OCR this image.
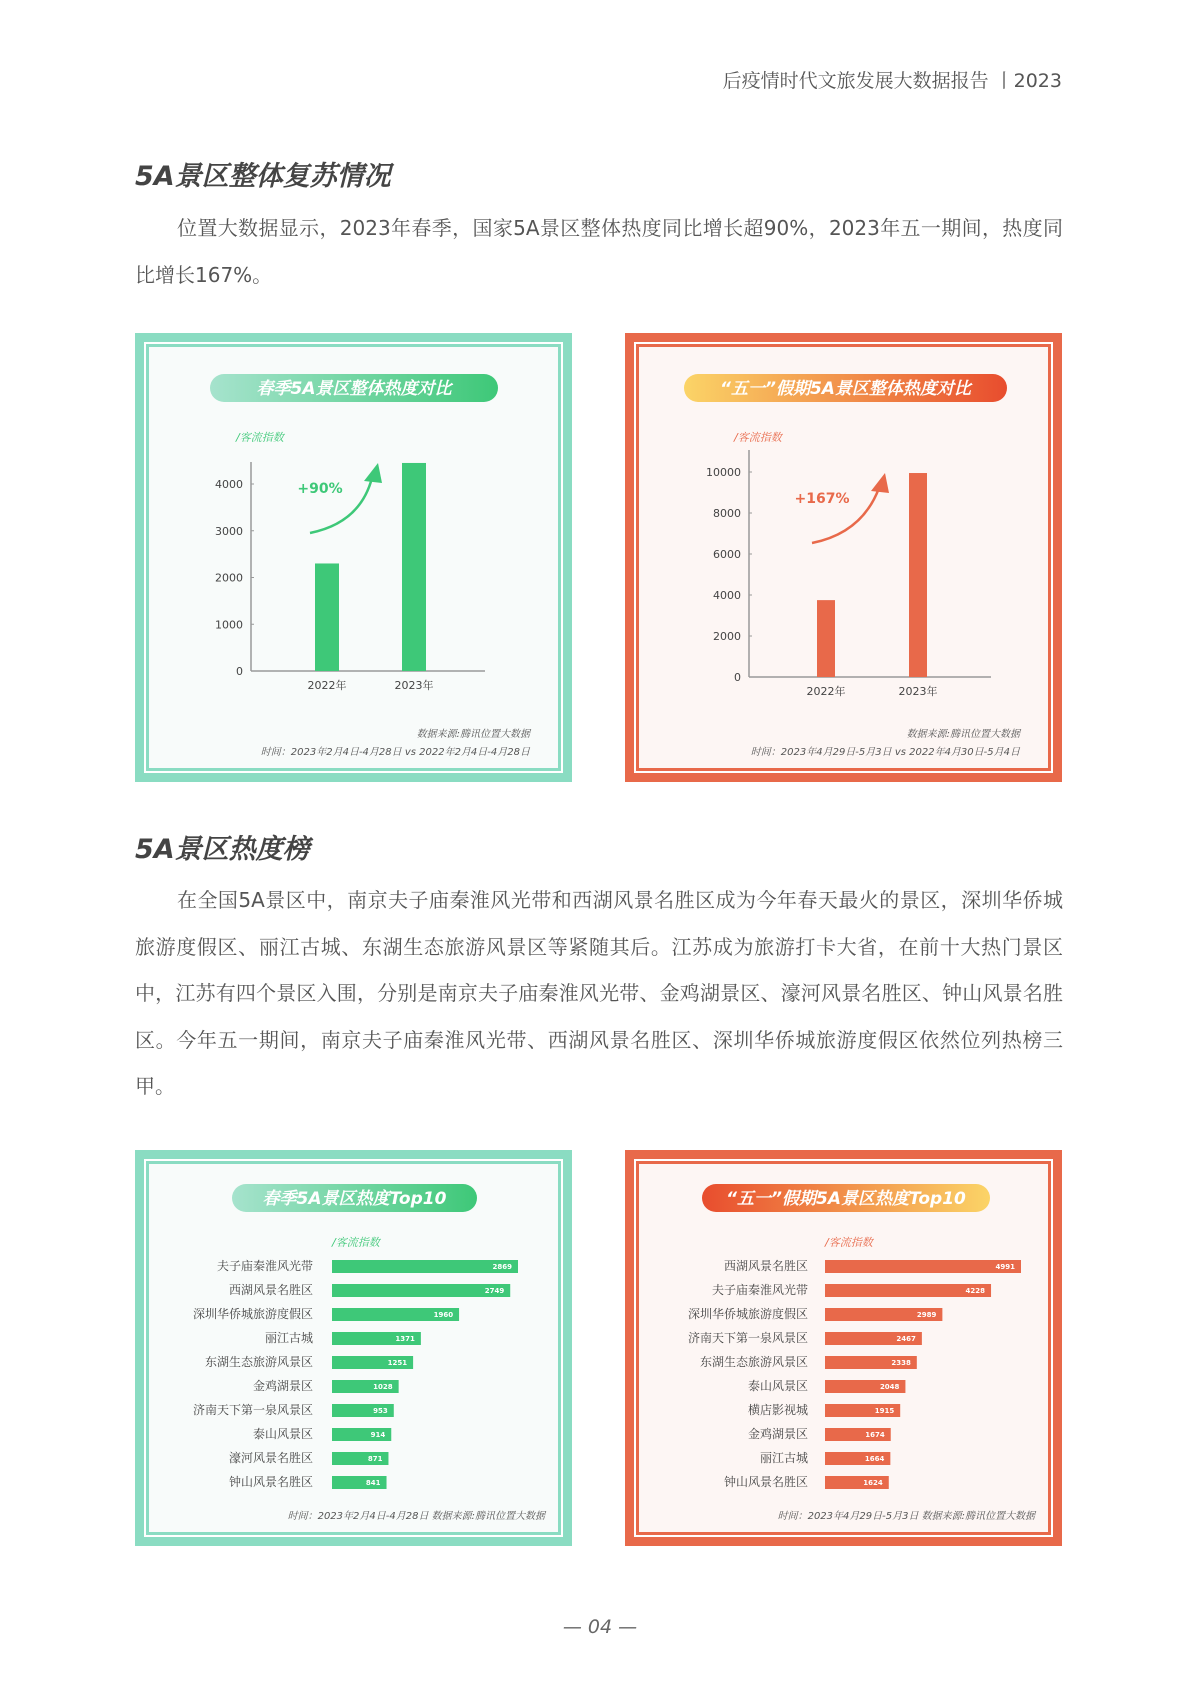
后疫情时代文旅发展大数据报告 丨2023
5A景区整体复苏情况
位置大数据显示，2023年春季，国家5A景区整体热度同比增长超90%，2023年五一期间，热度同比增长167%。
春季5A景区整体热度对比
/客流指数
0
1000
2000
3000
4000
2022年	2023年
+90%
数据来源:腾讯位置大数据
时间：2023年2月4日-4月28日 vs 2022年2月4日-4月28日
“五一”假期5A景区整体热度对比
/客流指数
0
2000
4000
6000
8000
10000
2022年	2023年
+167%
数据来源:腾讯位置大数据
时间：2023年4月29日-5月3日 vs 2022年4月30日-5月4日
5A景区热度榜
在全国5A景区中，南京夫子庙秦淮风光带和西湖风景名胜区成为今年春天最火的景区，深圳华侨城旅游度假区、丽江古城、东湖生态旅游风景区等紧随其后。江苏成为旅游打卡大省，在前十大热门景区中，江苏有四个景区入围，分别是南京夫子庙秦淮风光带、金鸡湖景区、濠河风景名胜区、钟山风景名胜区。今年五一期间，南京夫子庙秦淮风光带、西湖风景名胜区、深圳华侨城旅游度假区依然位列热榜三甲。
春季5A景区热度Top10
/客流指数
夫子庙秦淮风光带	2869
西湖风景名胜区	2749
深圳华侨城旅游度假区	1960
丽江古城	1371
东湖生态旅游风景区	1251
金鸡湖景区	1028
济南天下第一泉风景区	953
泰山风景区	914
濠河风景名胜区	871
钟山风景名胜区	841
时间：2023年2月4日-4月28日 数据来源:腾讯位置大数据
“五一”假期5A景区热度Top10
/客流指数
西湖风景名胜区	4991
夫子庙秦淮风光带	4228
深圳华侨城旅游度假区	2989
济南天下第一泉风景区	2467
东湖生态旅游风景区	2338
泰山风景区	2048
横店影视城	1915
金鸡湖景区	1674
丽江古城	1664
钟山风景名胜区	1624
时间：2023年4月29日-5月3日 数据来源:腾讯位置大数据
— 04 —
